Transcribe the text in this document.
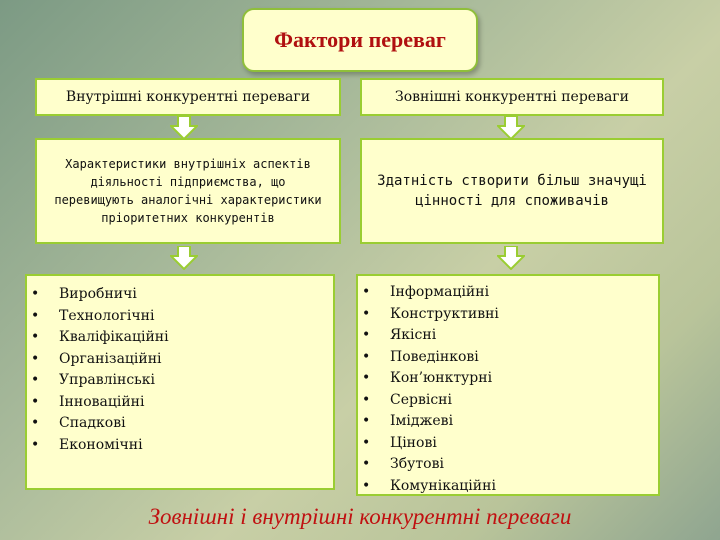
Фактори переваг
Внутрішні конкурентні переваги
Характеристики внутрішніх аспектів діяльності підприємства, що перевищують аналогічні характеристики пріоритетних конкурентів
• Виробничі
• Технологічні
• Кваліфікаційні
• Організаційні
• Управлінські
• Інноваційні
• Спадкові
• Економічні
Зовнішні конкурентні переваги
Здатність створити більш значущі цінності для споживачів
• Інформаційні
• Конструктивні
• Якісні
• Поведінкові
• Кон’юнктурні
• Сервісні
• Іміджеві
• Цінові
• Збутові
• Комунікаційні
Зовнішні і внутрішні конкурентні переваги
